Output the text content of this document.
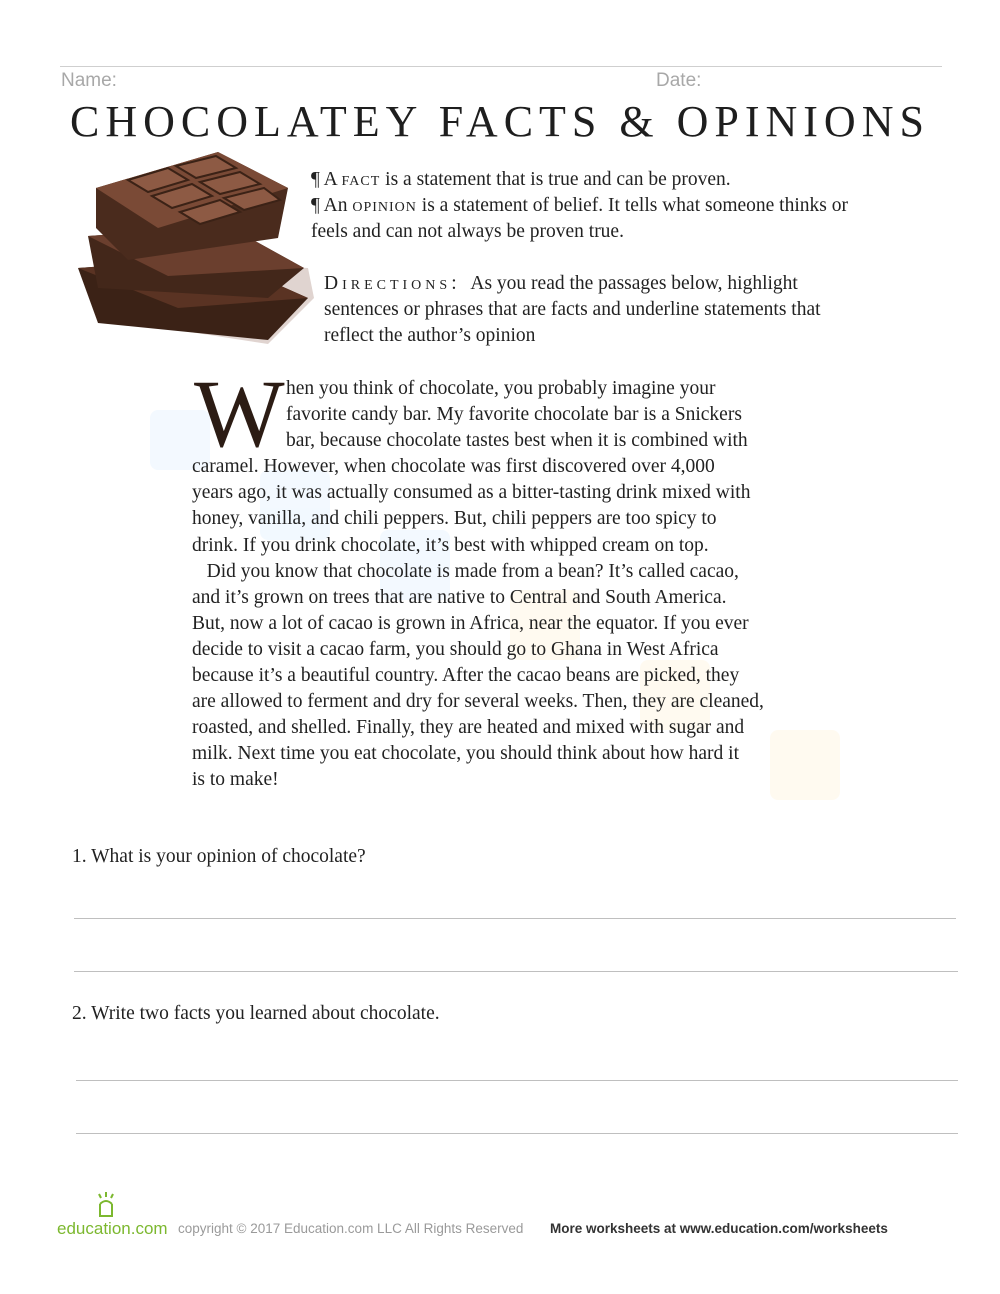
Name:	Date:
CHOCOLATEY FACTS & OPINIONS
¶ A fact is a statement that is true and can be proven.
¶ An opinion is a statement of belief. It tells what someone thinks or
feels and can not always be proven true.
Directions: As you read the passages below, highlight
sentences or phrases that are facts and underline statements that
reflect the author’s opinion
W hen you think of chocolate, you probably imagine your
favorite candy bar. My favorite chocolate bar is a Snickers
bar, because chocolate tastes best when it is combined with
caramel. However, when chocolate was first discovered over 4,000
years ago, it was actually consumed as a bitter-tasting drink mixed with
honey, vanilla, and chili peppers. But, chili peppers are too spicy to
drink. If you drink chocolate, it’s best with whipped cream on top.
Did you know that chocolate is made from a bean? It’s called cacao,
and it’s grown on trees that are native to Central and South America.
But, now a lot of cacao is grown in Africa, near the equator. If you ever
decide to visit a cacao farm, you should go to Ghana in West Africa
because it’s a beautiful country. After the cacao beans are picked, they
are allowed to ferment and dry for several weeks. Then, they are cleaned,
roasted, and shelled. Finally, they are heated and mixed with sugar and
milk. Next time you eat chocolate, you should think about how hard it
is to make!
1. What is your opinion of chocolate?
2. Write two facts you learned about chocolate.
education.com copyright © 2017 Education.com LLC All Rights Reserved More worksheets at www.education.com/worksheets
